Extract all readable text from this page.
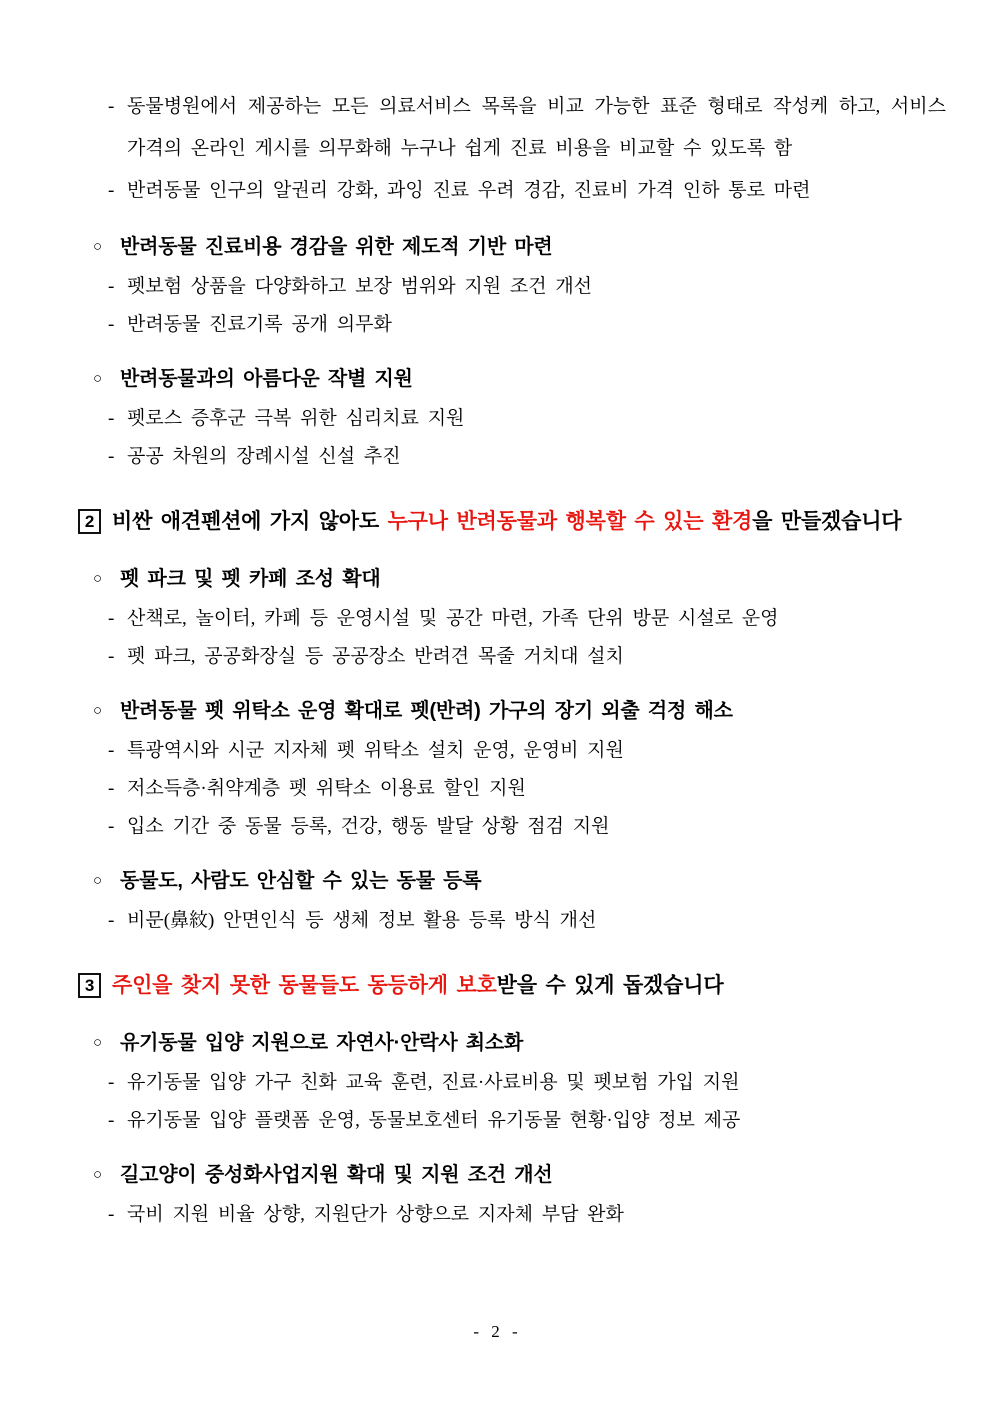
- 동물병원에서 제공하는 모든 의료서비스 목록을 비교 가능한 표준 형태로 작성케 하고, 서비스 가격의 온라인 게시를 의무화해 누구나 쉽게 진료 비용을 비교할 수 있도록 함
- 반려동물 인구의 알권리 강화, 과잉 진료 우려 경감, 진료비 가격 인하 통로 마련
○ 반려동물 진료비용 경감을 위한 제도적 기반 마련
- 펫보험 상품을 다양화하고 보장 범위와 지원 조건 개선
- 반려동물 진료기록 공개 의무화
○ 반려동물과의 아름다운 작별 지원
- 펫로스 증후군 극복 위한 심리치료 지원
- 공공 차원의 장례시설 신설 추진
2 비싼 애견펜션에 가지 않아도 누구나 반려동물과 행복할 수 있는 환경을 만들겠습니다
○ 펫 파크 및 펫 카페 조성 확대
- 산책로, 놀이터, 카페 등 운영시설 및 공간 마련, 가족 단위 방문 시설로 운영
- 펫 파크, 공공화장실 등 공공장소 반려견 목줄 거치대 설치
○ 반려동물 펫 위탁소 운영 확대로 펫(반려) 가구의 장기 외출 걱정 해소
- 특광역시와 시군 지자체 펫 위탁소 설치 운영, 운영비 지원
- 저소득층·취약계층 펫 위탁소 이용료 할인 지원
- 입소 기간 중 동물 등록, 건강, 행동 발달 상황 점검 지원
○ 동물도, 사람도 안심할 수 있는 동물 등록
- 비문(鼻紋) 안면인식 등 생체 정보 활용 등록 방식 개선
3 주인을 찾지 못한 동물들도 동등하게 보호받을 수 있게 돕겠습니다
○ 유기동물 입양 지원으로 자연사·안락사 최소화
- 유기동물 입양 가구 친화 교육 훈련, 진료·사료비용 및 펫보험 가입 지원
- 유기동물 입양 플랫폼 운영, 동물보호센터 유기동물 현황·입양 정보 제공
○ 길고양이 중성화사업지원 확대 및 지원 조건 개선
- 국비 지원 비율 상향, 지원단가 상향으로 지자체 부담 완화
- 2 -
